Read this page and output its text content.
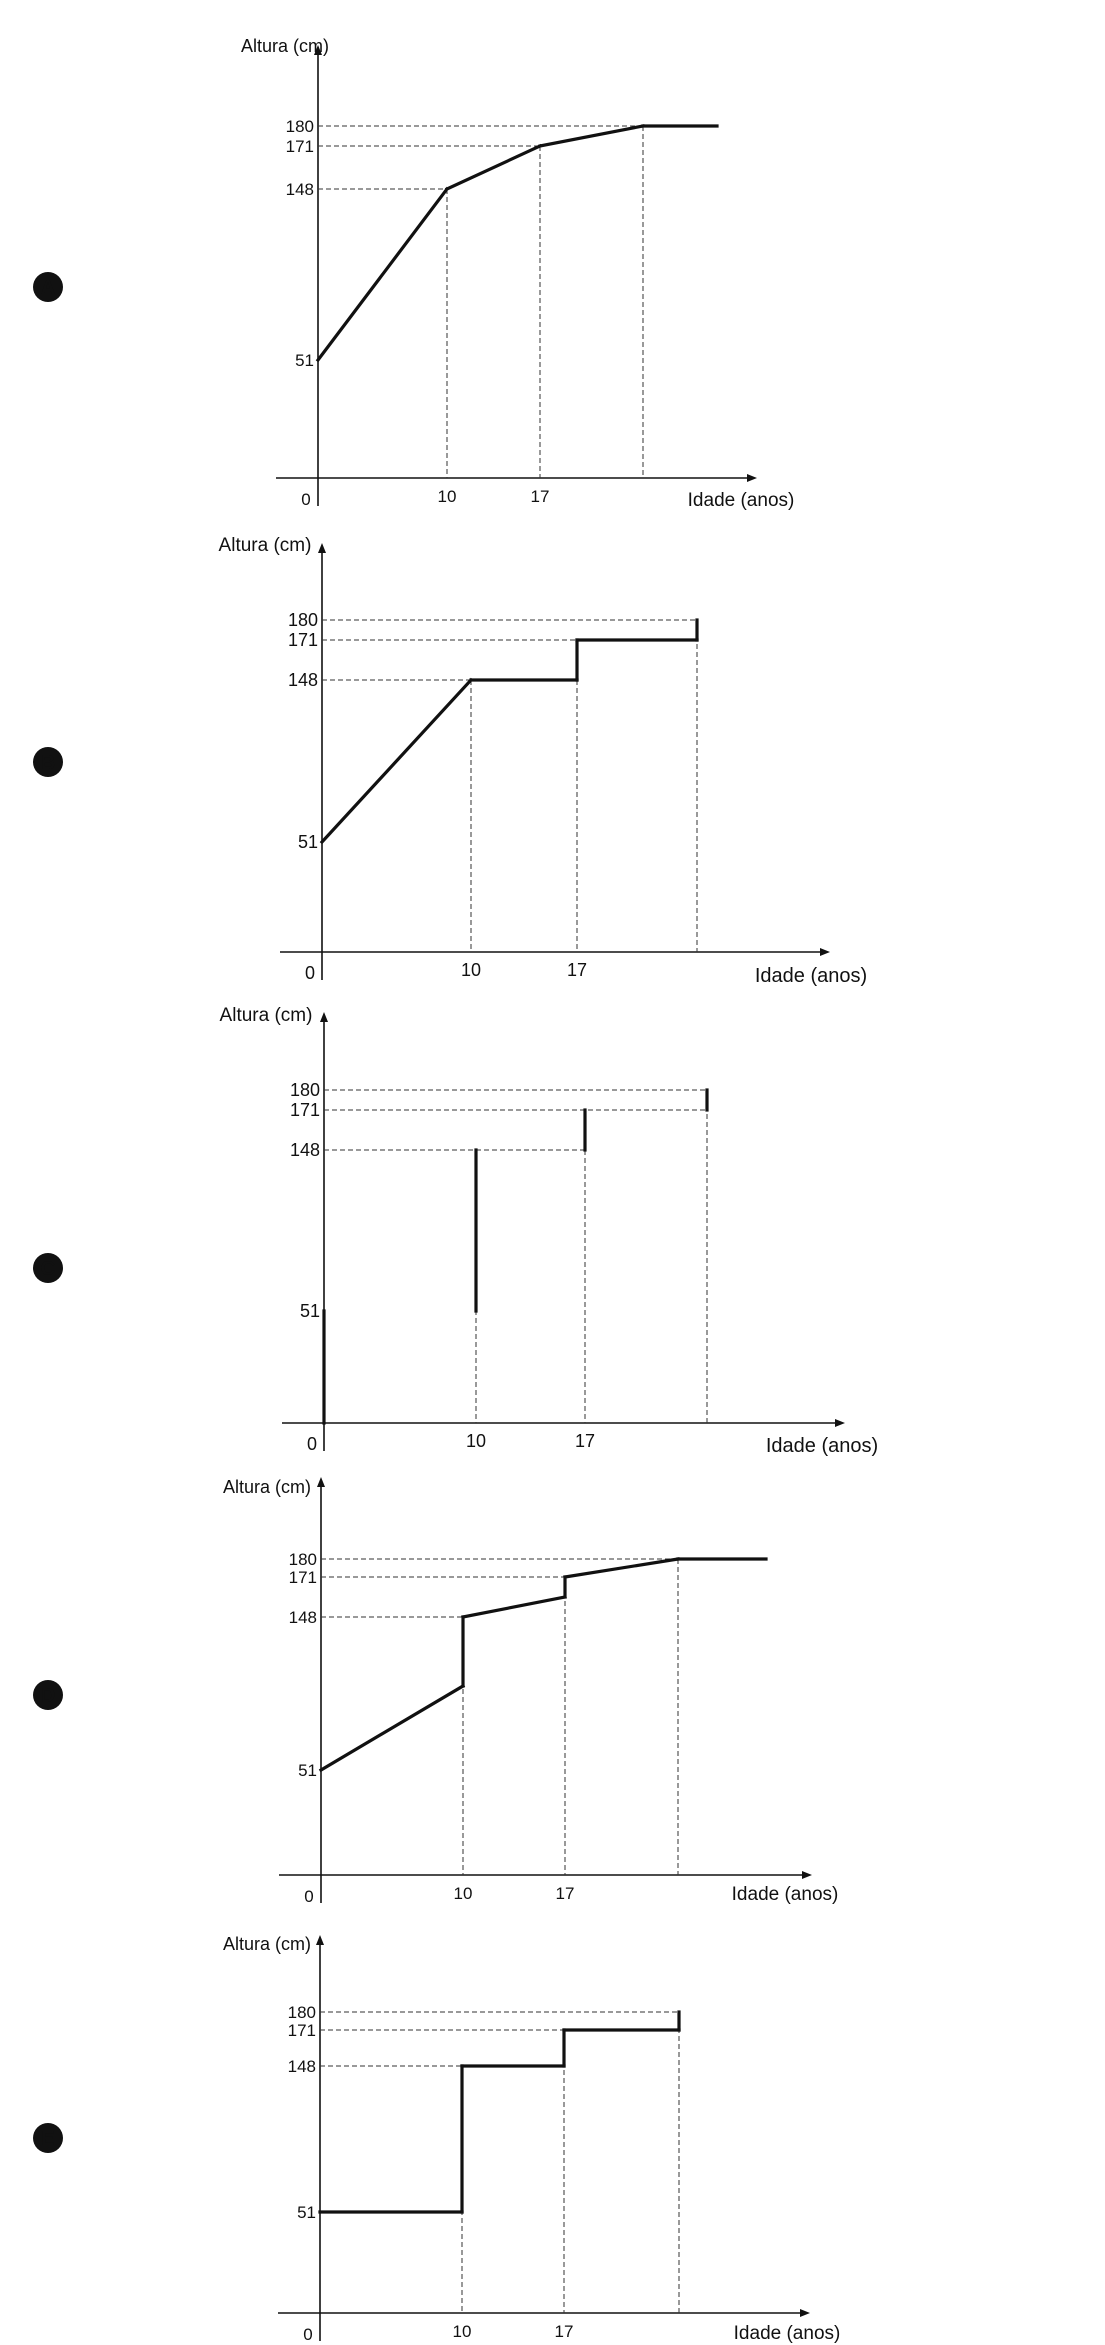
A
51
148
171
180
10	17
0
Altura (cm)
Idade (anos)
B
51
148
171
180
10	17
0
Altura (cm)
Idade (anos)
C
51
148
171
180
10	17
0
Altura (cm)
Idade (anos)
D
51
148
171
180
10	17
0
Altura (cm)
Idade (anos)
E
51
148
171
180
10	17
0
Altura (cm)
Idade (anos)
